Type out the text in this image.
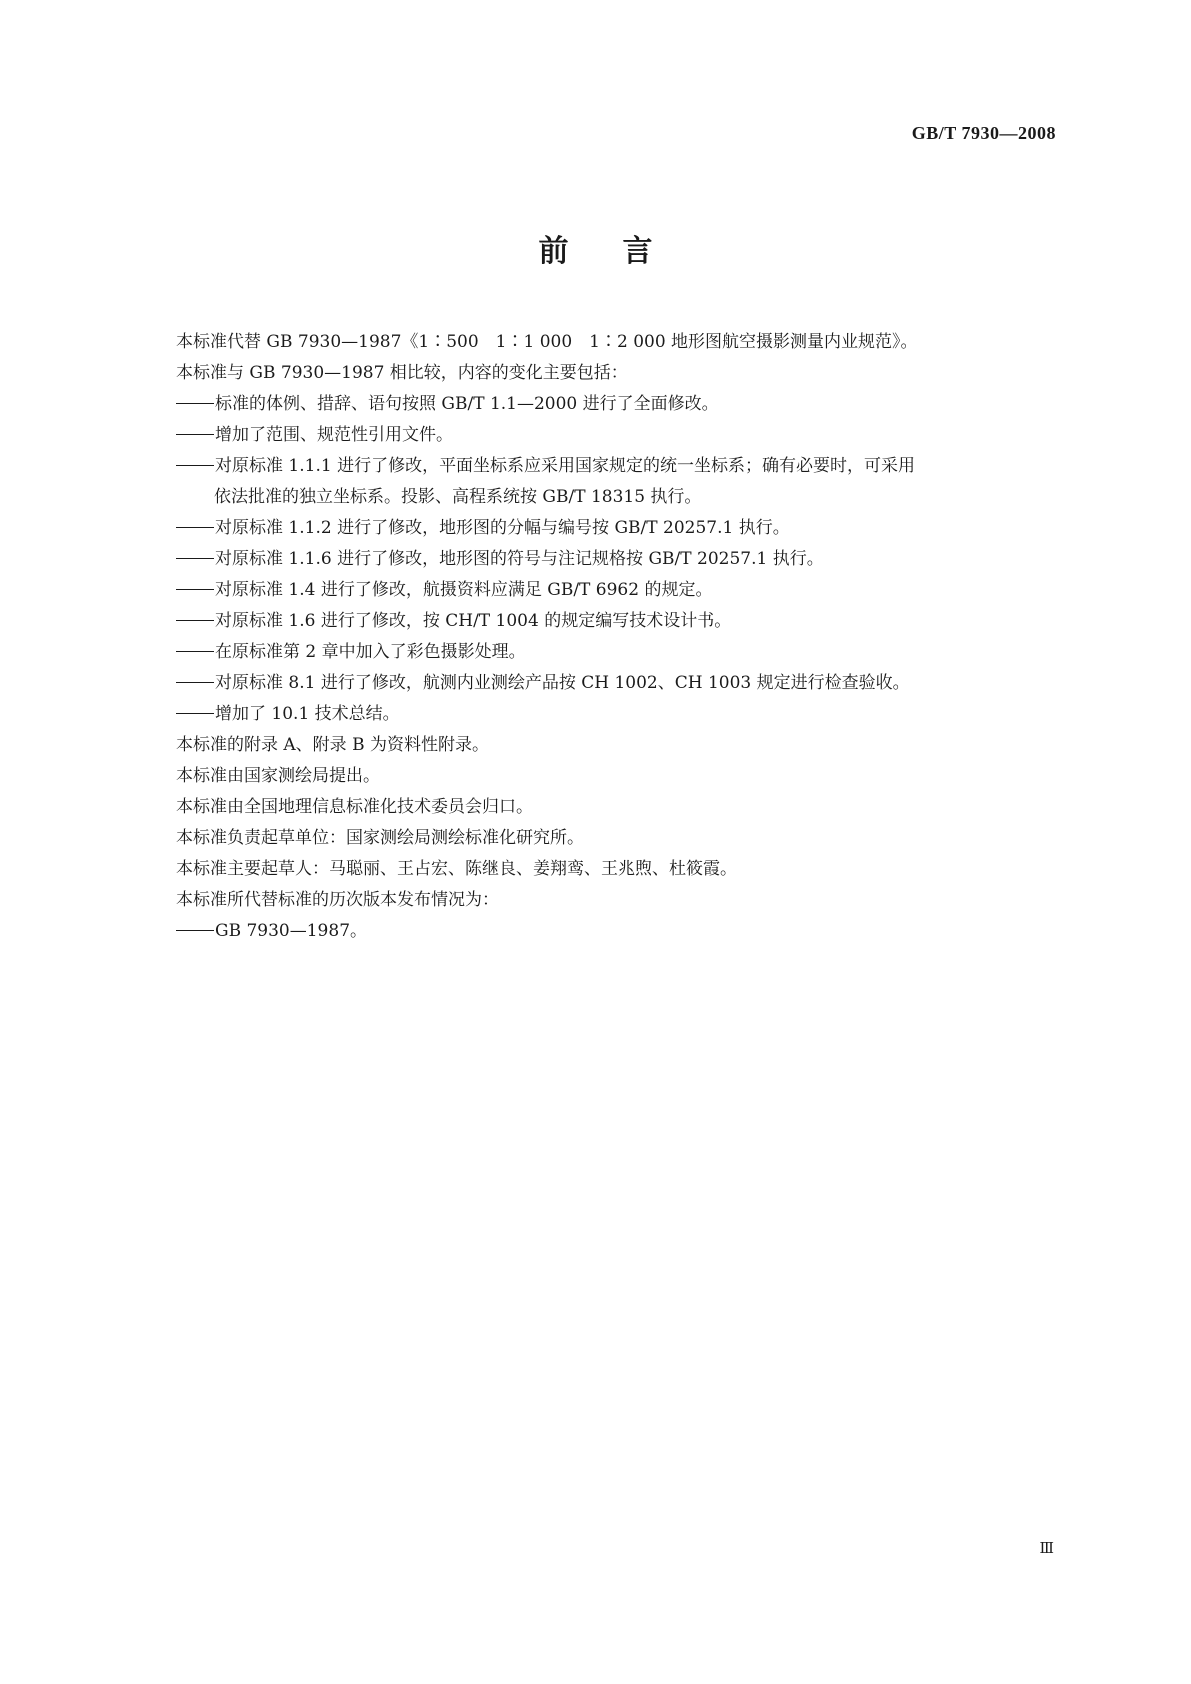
GB/T 7930—2008
前言
本标准代替 GB 7930—1987《1∶500　1∶1 000　1∶2 000 地形图航空摄影测量内业规范》。
本标准与 GB 7930—1987 相比较，内容的变化主要包括：
标准的体例、措辞、语句按照 GB/T 1.1—2000 进行了全面修改。
增加了范围、规范性引用文件。
对原标准 1.1.1 进行了修改，平面坐标系应采用国家规定的统一坐标系；确有必要时，可采用
依法批准的独立坐标系。投影、高程系统按 GB/T 18315 执行。
对原标准 1.1.2 进行了修改，地形图的分幅与编号按 GB/T 20257.1 执行。
对原标准 1.1.6 进行了修改，地形图的符号与注记规格按 GB/T 20257.1 执行。
对原标准 1.4 进行了修改，航摄资料应满足 GB/T 6962 的规定。
对原标准 1.6 进行了修改，按 CH/T 1004 的规定编写技术设计书。
在原标准第 2 章中加入了彩色摄影处理。
对原标准 8.1 进行了修改，航测内业测绘产品按 CH 1002、CH 1003 规定进行检查验收。
增加了 10.1 技术总结。
本标准的附录 A、附录 B 为资料性附录。
本标准由国家测绘局提出。
本标准由全国地理信息标准化技术委员会归口。
本标准负责起草单位：国家测绘局测绘标准化研究所。
本标准主要起草人：马聪丽、王占宏、陈继良、姜翔鸾、王兆煦、杜筱霞。
本标准所代替标准的历次版本发布情况为：
GB 7930—1987。
Ⅲ
